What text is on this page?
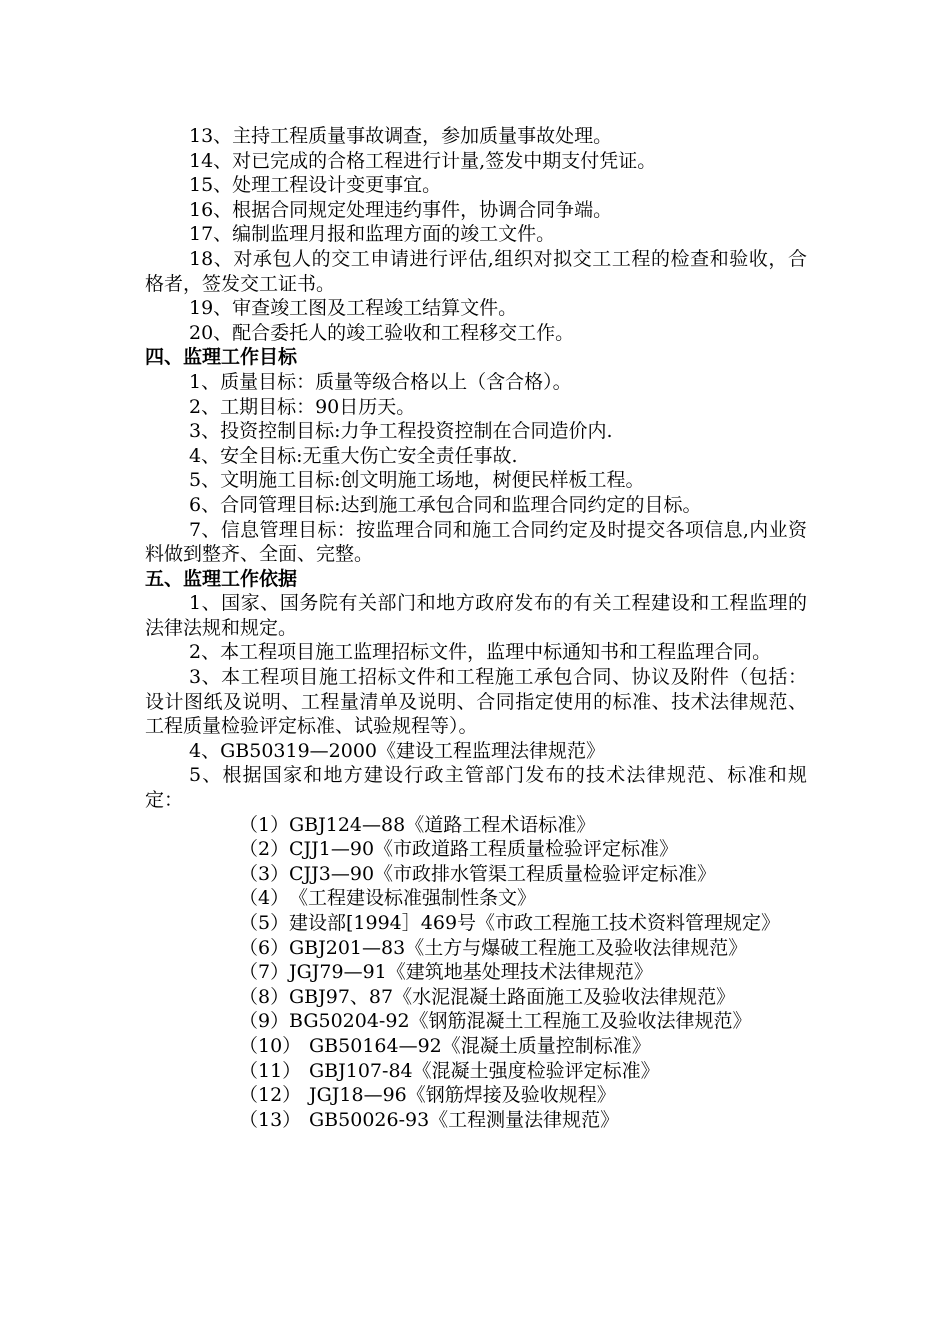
13、主持工程质量事故调查，参加质量事故处理。

14、对已完成的合格工程进行计量,签发中期支付凭证。

15、处理工程设计变更事宜。

16、根据合同规定处理违约事件，协调合同争端。

17、编制监理月报和监理方面的竣工文件。

18、对承包人的交工申请进行评估,组织对拟交工工程的检查和验收，合格者，签发交工证书。

19、审查竣工图及工程竣工结算文件。

20、配合委托人的竣工验收和工程移交工作。

四、监理工作目标

1、质量目标：质量等级合格以上（含合格）。

2、工期目标：90日历天。

3、投资控制目标:力争工程投资控制在合同造价内.

4、安全目标:无重大伤亡安全责任事故.

5、文明施工目标:创文明施工场地，树便民样板工程。

6、合同管理目标:达到施工承包合同和监理合同约定的目标。

7、信息管理目标：按监理合同和施工合同约定及时提交各项信息,内业资料做到整齐、全面、完整。

五、监理工作依据

1、国家、国务院有关部门和地方政府发布的有关工程建设和工程监理的法律法规和规定。

2、本工程项目施工监理招标文件，监理中标通知书和工程监理合同。

3、本工程项目施工招标文件和工程施工承包合同、协议及附件（包括：设计图纸及说明、工程量清单及说明、合同指定使用的标准、技术法律规范、工程质量检验评定标准、试验规程等）。

4、GB50319—2000《建设工程监理法律规范》

5、根据国家和地方建设行政主管部门发布的技术法律规范、标准和规定：

（1） GBJ124—88《道路工程术语标准》
（2） CJJ1—90《市政道路工程质量检验评定标准》
（3） CJJ3—90《市政排水管渠工程质量检验评定标准》
（4） 《工程建设标准强制性条文》
（5） 建设部[1994］469号《市政工程施工技术资料管理规定》
（6） GBJ201—83《土方与爆破工程施工及验收法律规范》
（7） JGJ79—91《建筑地基处理技术法律规范》
（8） GBJ97、87《水泥混凝土路面施工及验收法律规范》
（9） BG50204-92《钢筋混凝土工程施工及验收法律规范》
（10） GB50164—92《混凝土质量控制标准》
（11） GBJ107-84《混凝土强度检验评定标准》
（12） JGJ18—96《钢筋焊接及验收规程》
（13） GB50026-93《工程测量法律规范》
